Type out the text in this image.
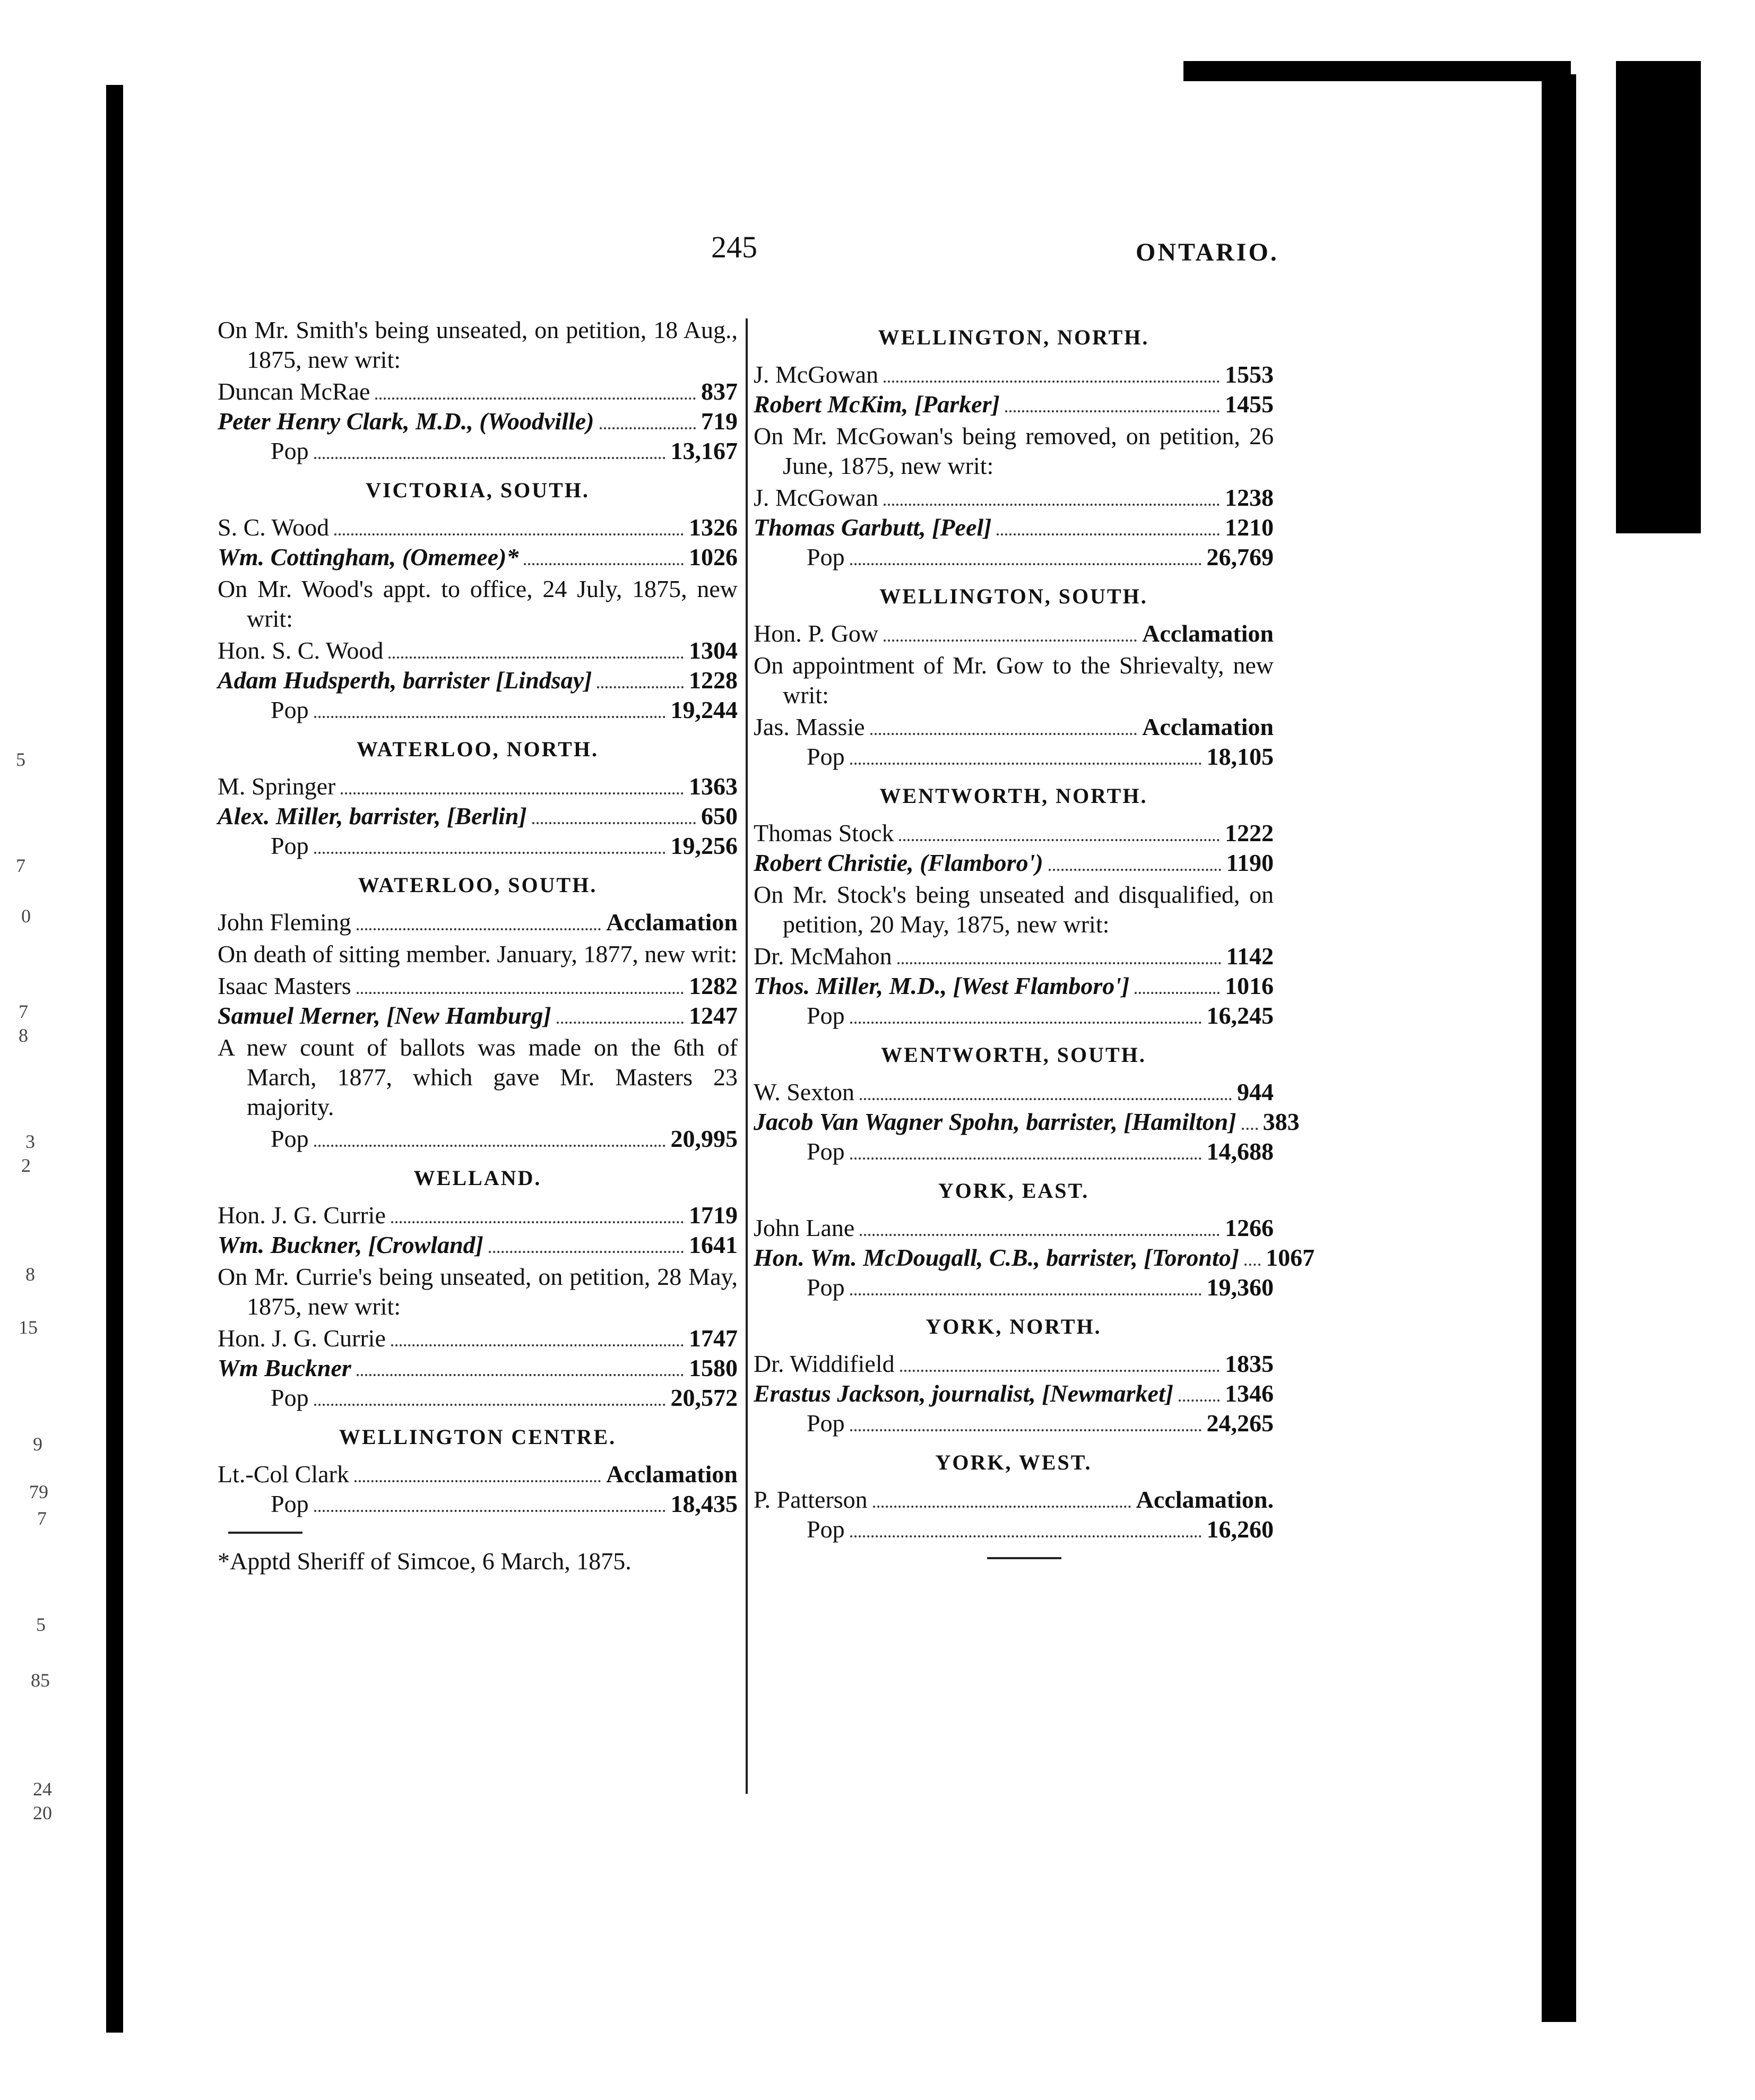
5
7
0
7
8
3
2
8
15
9
79
7
5
85
24
20
245	ONTARIO.
On Mr. Smith's being unseated, on petition, 18 Aug., 1875, new writ:
Duncan McRae	837
Peter Henry Clark, M.D., (Woodville)	719
Pop	13,167
VICTORIA, SOUTH.
S. C. Wood	1326
Wm. Cottingham, (Omemee)*	1026
On Mr. Wood's appt. to office, 24 July, 1875, new writ:
Hon. S. C. Wood	1304
Adam Hudsperth, barrister [Lindsay]	1228
Pop	19,244
WATERLOO, NORTH.
M. Springer	1363
Alex. Miller, barrister, [Berlin]	650
Pop	19,256
WATERLOO, SOUTH.
John Fleming	Acclamation
On death of sitting member. January, 1877, new writ:
Isaac Masters	1282
Samuel Merner, [New Hamburg]	1247
A new count of ballots was made on the 6th of March, 1877, which gave Mr. Masters 23 majority.
Pop	20,995
WELLAND.
Hon. J. G. Currie	1719
Wm. Buckner, [Crowland]	1641
On Mr. Currie's being unseated, on petition, 28 May, 1875, new writ:
Hon. J. G. Currie	1747
Wm Buckner	1580
Pop	20,572
WELLINGTON CENTRE.
Lt.-Col Clark	Acclamation
Pop	18,435
*Apptd Sheriff of Simcoe, 6 March, 1875.
WELLINGTON, NORTH.
J. McGowan	1553
Robert McKim, [Parker]	1455
On Mr. McGowan's being removed, on petition, 26 June, 1875, new writ:
J. McGowan	1238
Thomas Garbutt, [Peel]	1210
Pop	26,769
WELLINGTON, SOUTH.
Hon. P. Gow	Acclamation
On appointment of Mr. Gow to the Shrievalty, new writ:
Jas. Massie	Acclamation
Pop	18,105
WENTWORTH, NORTH.
Thomas Stock	1222
Robert Christie, (Flamboro')	1190
On Mr. Stock's being unseated and disqualified, on petition, 20 May, 1875, new writ:
Dr. McMahon	1142
Thos. Miller, M.D., [West Flamboro']	1016
Pop	16,245
WENTWORTH, SOUTH.
W. Sexton	944
Jacob Van Wagner Spohn, barrister, [Hamilton] 383
Pop	14,688
YORK, EAST.
John Lane	1266
Hon. Wm. McDougall, C.B., barrister, [Toronto] 1067
Pop	19,360
YORK, NORTH.
Dr. Widdifield	1835
Erastus Jackson, journalist, [Newmarket] 1346
Pop	24,265
YORK, WEST.
P. Patterson	Acclamation.
Pop	16,260
